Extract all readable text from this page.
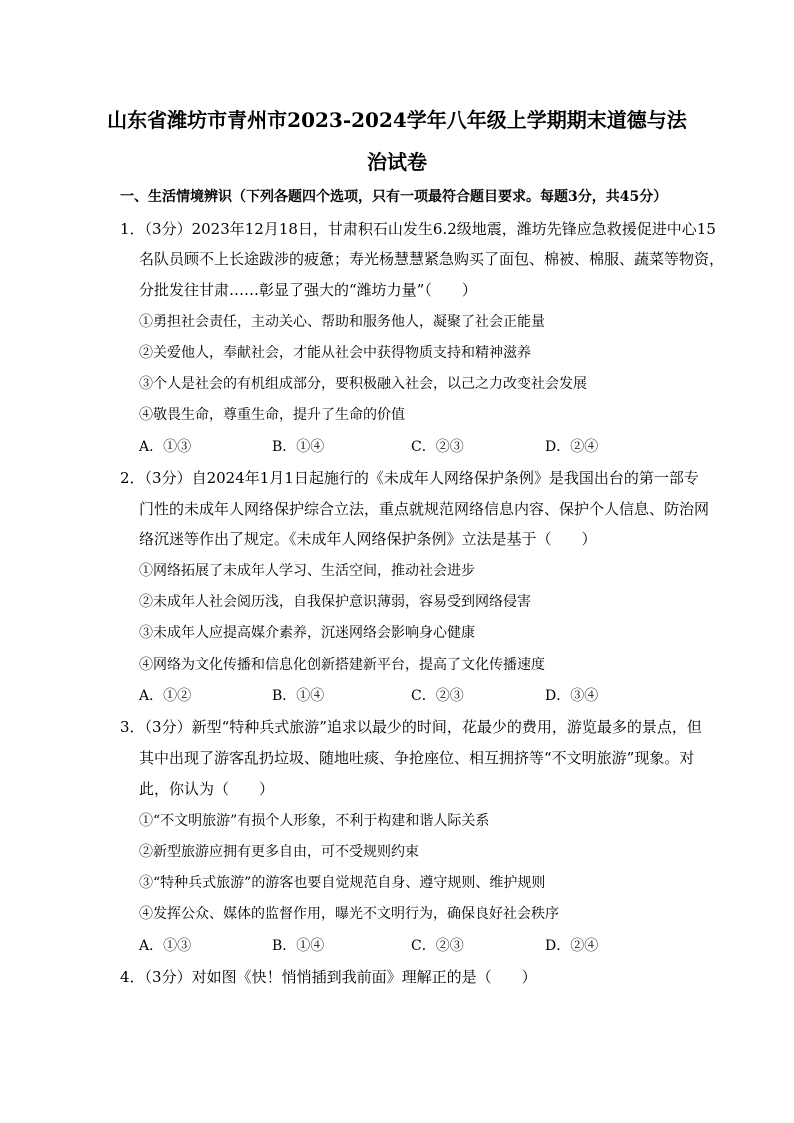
山东省潍坊市青州市2023-2024学年八年级上学期期末道德与法
治试卷
一、生活情境辨识（下列各题四个选项，只有一项最符合题目要求。每题3分，共45分）
1．（3分）2023年12月18日，甘肃积石山发生6.2级地震，潍坊先锋应急救援促进中心15
名队员顾不上长途跋涉的疲惫；寿光杨慧慧紧急购买了面包、棉被、棉服、蔬菜等物资，
分批发往甘肃……彰显了强大的“潍坊力量”（　　）
①勇担社会责任，主动关心、帮助和服务他人，凝聚了社会正能量
②关爱他人，奉献社会，才能从社会中获得物质支持和精神滋养
③个人是社会的有机组成部分，要积极融入社会，以己之力改变社会发展
④敬畏生命，尊重生命，提升了生命的价值
A．①③	B．①④	C．②③	D．②④
2．（3分）自2024年1月1日起施行的《未成年人网络保护条例》是我国出台的第一部专
门性的未成年人网络保护综合立法，重点就规范网络信息内容、保护个人信息、防治网
络沉迷等作出了规定。《未成年人网络保护条例》立法是基于（　　）
①网络拓展了未成年人学习、生活空间，推动社会进步
②未成年人社会阅历浅，自我保护意识薄弱，容易受到网络侵害
③未成年人应提高媒介素养，沉迷网络会影响身心健康
④网络为文化传播和信息化创新搭建新平台，提高了文化传播速度
A．①②	B．①④	C．②③	D．③④
3．（3分）新型“特种兵式旅游”追求以最少的时间，花最少的费用，游览最多的景点，但
其中出现了游客乱扔垃圾、随地吐痰、争抢座位、相互拥挤等“不文明旅游”现象。对
此，你认为（　　）
①“不文明旅游”有损个人形象，不利于构建和谐人际关系
②新型旅游应拥有更多自由，可不受规则约束
③“特种兵式旅游”的游客也要自觉规范自身、遵守规则、维护规则
④发挥公众、媒体的监督作用，曝光不文明行为，确保良好社会秩序
A．①③	B．①④	C．②③	D．②④
4．（3分）对如图《快！悄悄插到我前面》理解正的是（　　）
